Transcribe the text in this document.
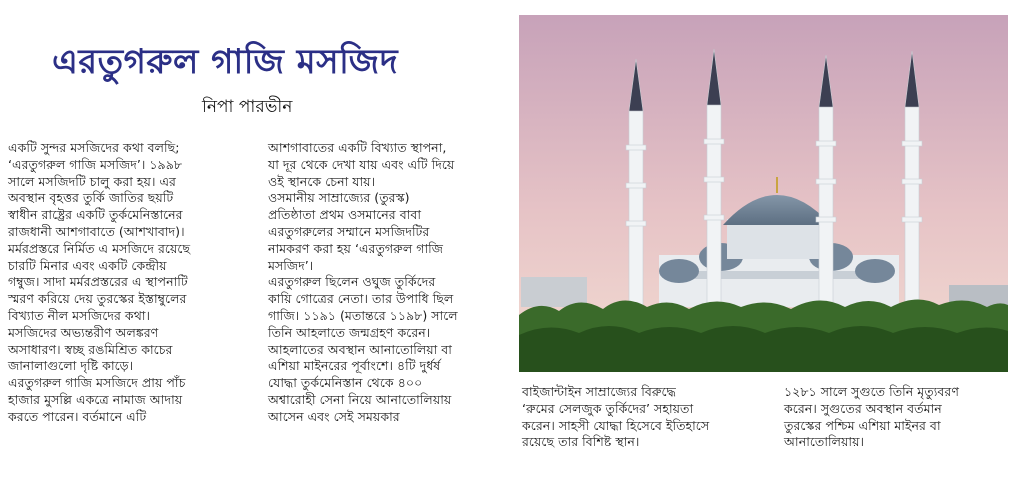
এরতুগরুল গাজি মসজিদ
নিপা পারভীন

একটি সুন্দর মসজিদের কথা বলছি;

‘এরতুগরুল গাজি মসজিদ’। ১৯৯৮

সালে মসজিদটি চালু করা হয়। এর

অবস্থান বৃহত্তর তুর্কি জাতির ছয়টি

স্বাধীন রাষ্ট্রের একটি তুর্কমেনিস্তানের

রাজধানী আশগাবাতে (আশখাবাদ)।

মর্মরপ্রস্তরে নির্মিত এ মসজিদে রয়েছে

চারটি মিনার এবং একটি কেন্দ্রীয়

গম্বুজ। সাদা মর্মরপ্রস্তরের এ স্থাপনাটি

স্মরণ করিয়ে দেয় তুরস্কের ইস্তাম্বুলের

বিখ্যাত নীল মসজিদের কথা।

মসজিদের অভ্যন্তরীণ অলঙ্করণ

অসাধারণ। স্বচ্ছ রঙমিশ্রিত কাচের

জানালাগুলো দৃষ্টি কাড়ে।

এরতুগরুল গাজি মসজিদে প্রায় পাঁচ

হাজার মুসল্লি একত্রে নামাজ আদায়

করতে পারেন। বর্তমানে এটি

আশগাবাতের একটি বিখ্যাত স্থাপনা,

যা দূর থেকে দেখা যায় এবং এটি দিয়ে

ওই স্থানকে চেনা যায়।

ওসমানীয় সাম্রাজ্যের (তুরস্ক)

প্রতিষ্ঠাতা প্রথম ওসমানের বাবা

এরতুগরুলের সম্মানে মসজিদটির

নামকরণ করা হয় ‘এরতুগরুল গাজি

মসজিদ’।

এরতুগরুল ছিলেন ওঘুজ তুর্কিদের

কায়ি গোত্রের নেতা। তার উপাধি ছিল

গাজি। ১১৯১ (মতান্তরে ১১৯৮) সালে

তিনি আহলাতে জন্মগ্রহণ করেন।

আহলাতের অবস্থান আনাতোলিয়া বা

এশিয়া মাইনরের পূর্বাংশে। ৪টি দুর্ধর্ষ

যোদ্ধা তুর্কমেনিস্তান থেকে ৪০০

অশ্বারোহী সেনা নিয়ে আনাতোলিয়ায়

আসেন এবং সেই সময়কার

বাইজান্টাইন সাম্রাজ্যের বিরুদ্ধে

‘রুমের সেলজুক তুর্কিদের’ সহায়তা

করেন। সাহসী যোদ্ধা হিসেবে ইতিহাসে

রয়েছে তার বিশিষ্ট স্থান।

১২৮১ সালে সুগুতে তিনি মৃত্যুবরণ

করেন। সুগুতের অবস্থান বর্তমান

তুরস্কের পশ্চিম এশিয়া মাইনর বা

আনাতোলিয়ায়।
